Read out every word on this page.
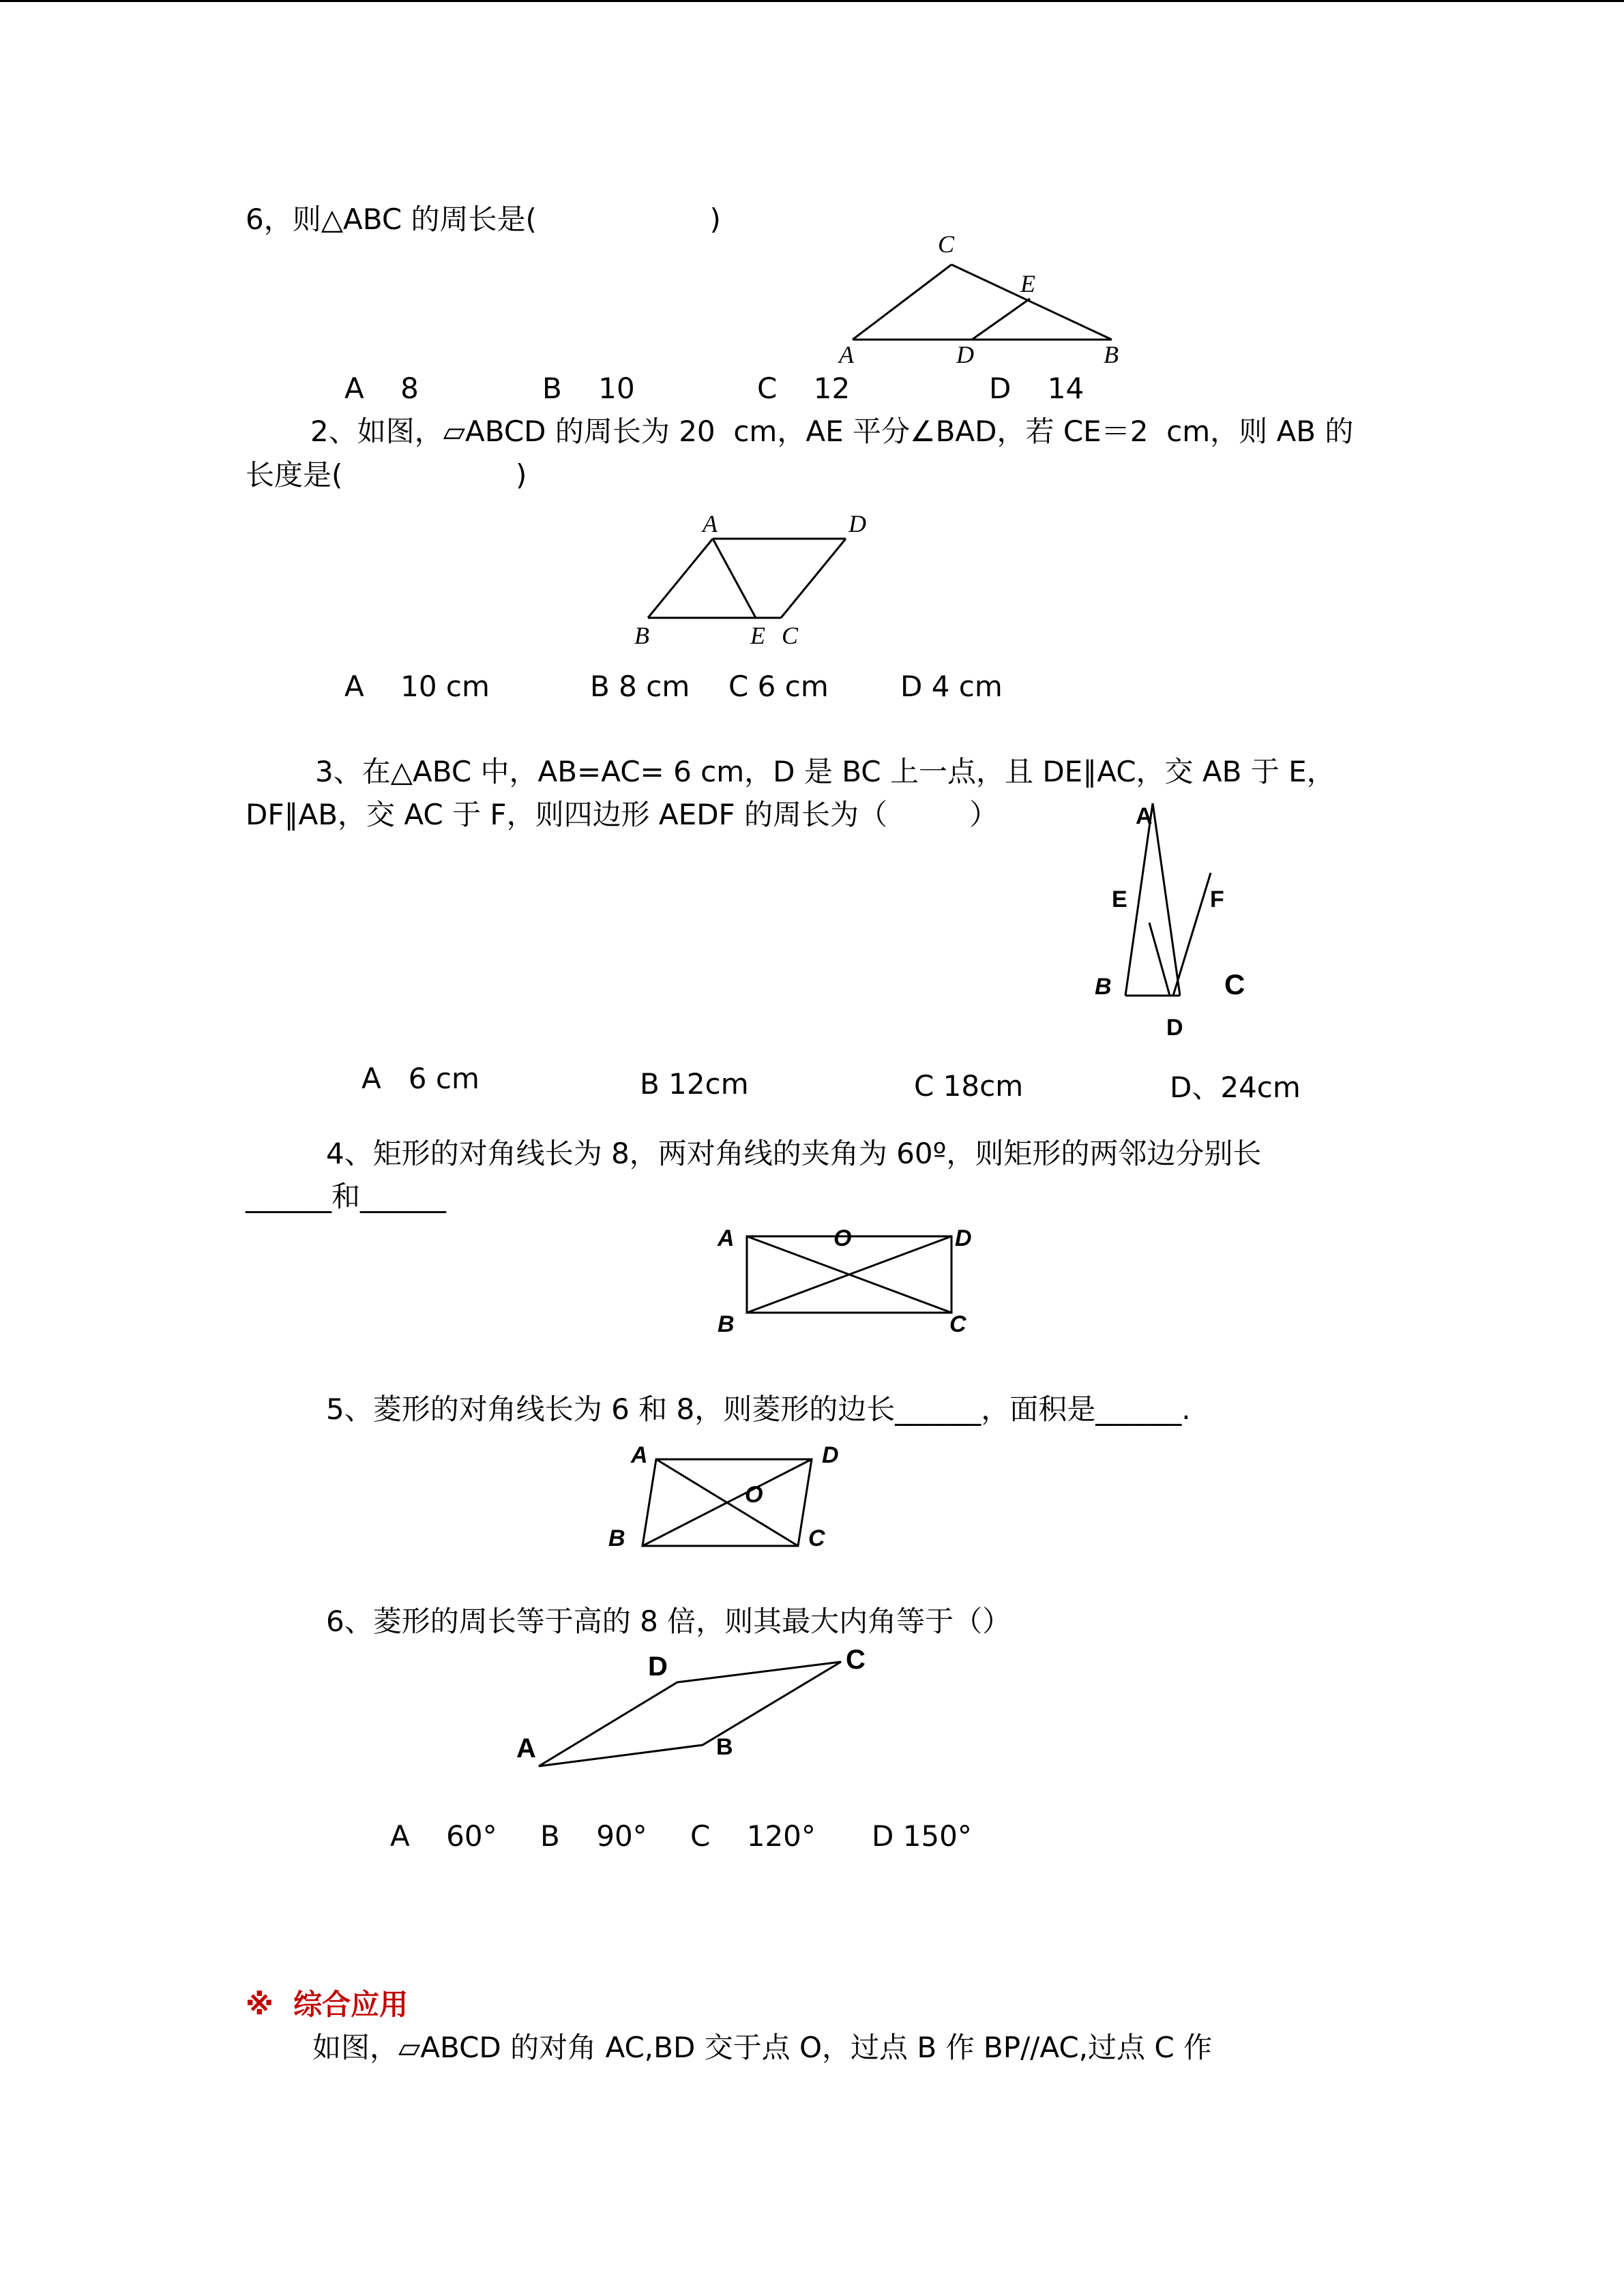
6，则△ABC 的周长是(                   )
A	D	B
C
E
A    8	B    10	C    12	D    14
2、如图，▱ABCD 的周长为 20  cm，AE 平分∠BAD，若 CE＝2  cm，则 AB 的
长度是(                   )
A	D
B	E C
A    10 cm	B 8 cm C 6 cm	D 4 cm
3、在△ABC 中，AB=AC= 6 cm，D 是 BC 上一点，且 DE∥AC，交 AB 于 E，
DF∥AB，交 AC 于 F，则四边形 AEDF 的周长为（         ）	A
E	F
B	C
D
A   6 cm	B 12cm	C 18cm	D、24cm
4、矩形的对角线长为 8，两对角线的夹角为 60º，则矩形的两邻边分别长
______和______
A	O	D
B	C
5、菱形的对角线长为 6 和 8，则菱形的边长______，面积是______.
A	D
O
B	C
6、菱形的周长等于高的 8 倍，则其最大内角等于（）
D	C
A	B
A    60° B    90° C    120° D 150°
※  综合应用
如图，▱ABCD 的对角 AC,BD 交于点 O，过点 B 作 BP//AC,过点 C 作
